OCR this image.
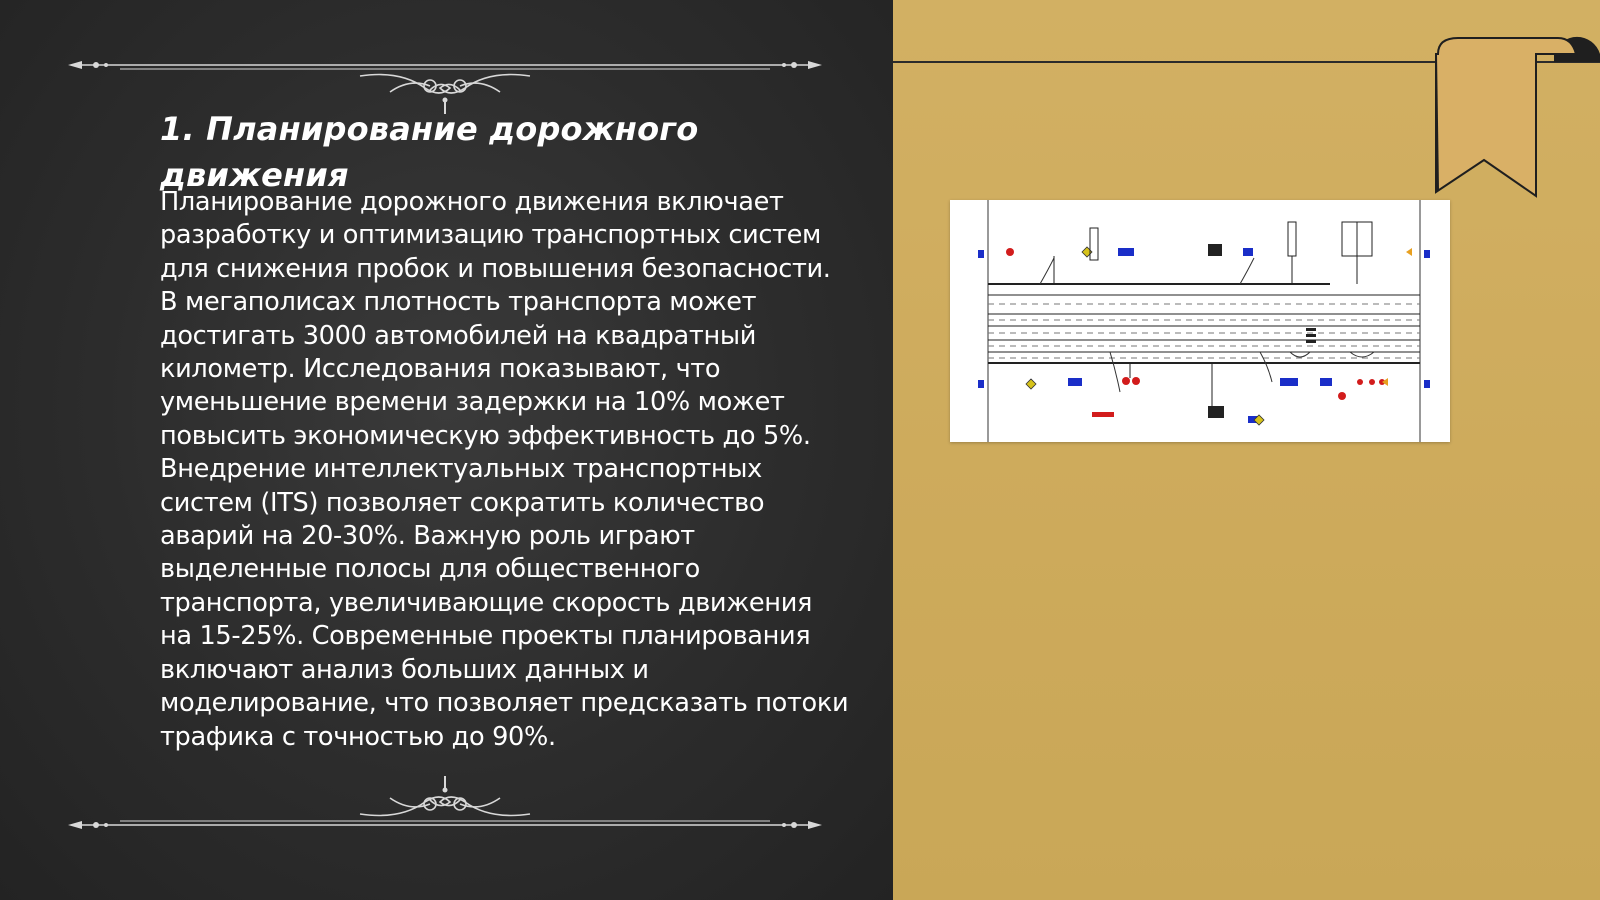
1. Планирование дорожного движения

Планирование дорожного движения включает разработку и оптимизацию транспортных систем для снижения пробок и повышения безопасности. В мегаполисах плотность транспорта может достигать 3000 автомобилей на квадратный километр. Исследования показывают, что уменьшение времени задержки на 10% может повысить экономическую эффективность до 5%. Внедрение интеллектуальных транспортных систем (ITS) позволяет сократить количество аварий на 20-30%. Важную роль играют выделенные полосы для общественного транспорта, увеличивающие скорость движения на 15-25%. Современные проекты планирования включают анализ больших данных и моделирование, что позволяет предсказать потоки трафика с точностью до 90%.
